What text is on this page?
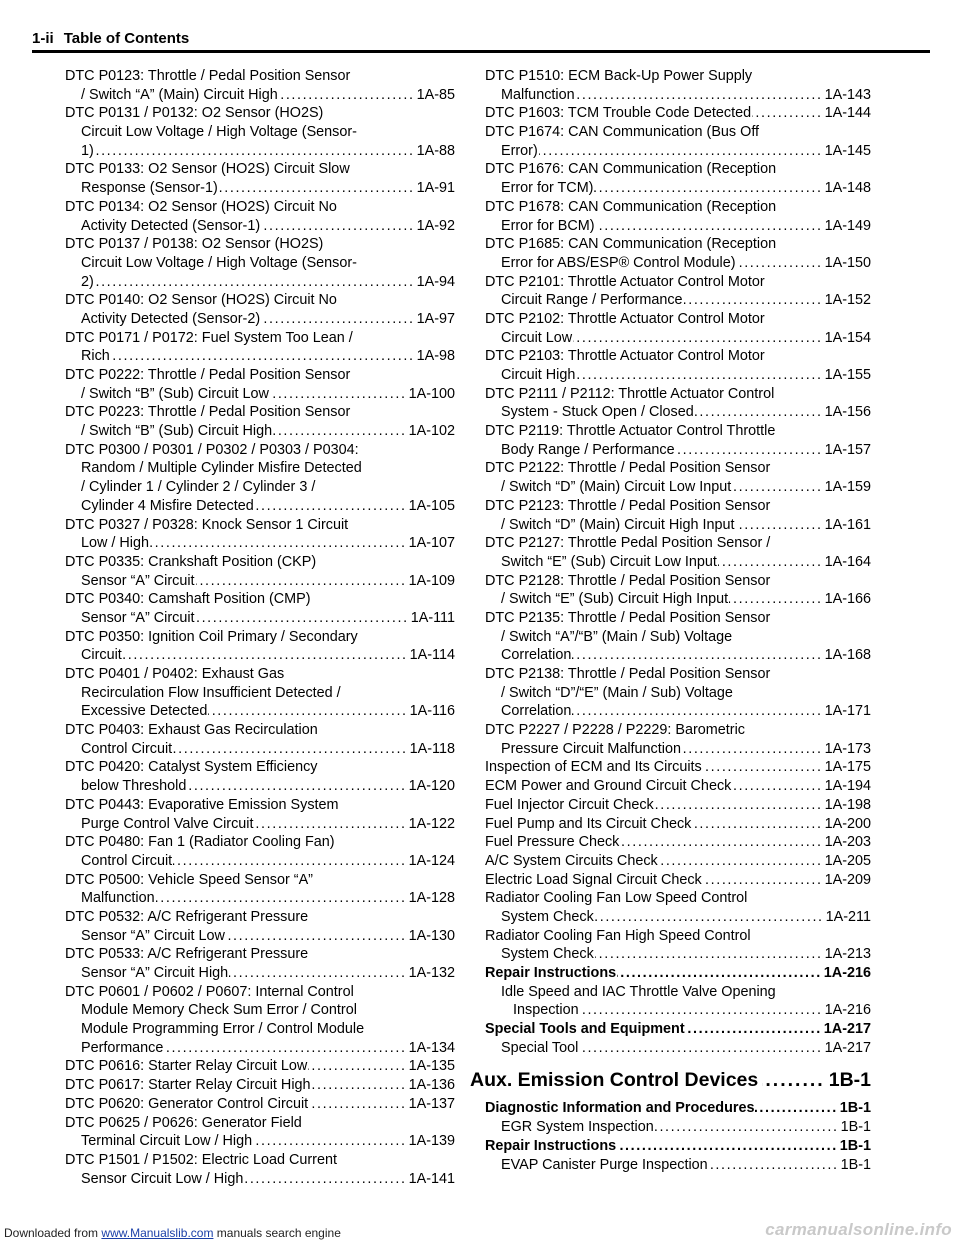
1-ii Table of Contents
DTC P0123: Throttle / Pedal Position Sensor
/ Switch “A” (Main) Circuit High .....	1A-85
DTC P0131 / P0132: O2 Sensor (HO2S)
Circuit Low Voltage / High Voltage (Sensor-
1) .....	1A-88
DTC P0133: O2 Sensor (HO2S) Circuit Slow
Response (Sensor-1) .....	1A-91
DTC P0134: O2 Sensor (HO2S) Circuit No
Activity Detected (Sensor-1) .....	1A-92
DTC P0137 / P0138: O2 Sensor (HO2S)
Circuit Low Voltage / High Voltage (Sensor-
2) .....	1A-94
DTC P0140: O2 Sensor (HO2S) Circuit No
Activity Detected (Sensor-2) .....	1A-97
DTC P0171 / P0172: Fuel System Too Lean /
Rich .....	1A-98
DTC P0222: Throttle / Pedal Position Sensor
/ Switch “B” (Sub) Circuit Low .....	1A-100
DTC P0223: Throttle / Pedal Position Sensor
/ Switch “B” (Sub) Circuit High .....	1A-102
DTC P0300 / P0301 / P0302 / P0303 / P0304:
Random / Multiple Cylinder Misfire Detected
/ Cylinder 1 / Cylinder 2 / Cylinder 3 /
Cylinder 4 Misfire Detected .....	1A-105
DTC P0327 / P0328: Knock Sensor 1 Circuit
Low / High .....	1A-107
DTC P0335: Crankshaft Position (CKP)
Sensor “A” Circuit .....	1A-109
DTC P0340: Camshaft Position (CMP)
Sensor “A” Circuit .....	1A-111
DTC P0350: Ignition Coil Primary / Secondary
Circuit .....	1A-114
DTC P0401 / P0402: Exhaust Gas
Recirculation Flow Insufficient Detected /
Excessive Detected .....	1A-116
DTC P0403: Exhaust Gas Recirculation
Control Circuit .....	1A-118
DTC P0420: Catalyst System Efficiency
below Threshold .....	1A-120
DTC P0443: Evaporative Emission System
Purge Control Valve Circuit .....	1A-122
DTC P0480: Fan 1 (Radiator Cooling Fan)
Control Circuit .....	1A-124
DTC P0500: Vehicle Speed Sensor “A”
Malfunction .....	1A-128
DTC P0532: A/C Refrigerant Pressure
Sensor “A” Circuit Low .....	1A-130
DTC P0533: A/C Refrigerant Pressure
Sensor “A” Circuit High .....	1A-132
DTC P0601 / P0602 / P0607: Internal Control
Module Memory Check Sum Error / Control
Module Programming Error / Control Module
Performance .....	1A-134
DTC P0616: Starter Relay Circuit Low .....	1A-135
DTC P0617: Starter Relay Circuit High .....	1A-136
DTC P0620: Generator Control Circuit .....	1A-137
DTC P0625 / P0626: Generator Field
Terminal Circuit Low / High .....	1A-139
DTC P1501 / P1502: Electric Load Current
Sensor Circuit Low / High .....	1A-141
DTC P1510: ECM Back-Up Power Supply
Malfunction .....	1A-143
DTC P1603: TCM Trouble Code Detected .....	1A-144
DTC P1674: CAN Communication (Bus Off
Error) .....	1A-145
DTC P1676: CAN Communication (Reception
Error for TCM) .....	1A-148
DTC P1678: CAN Communication (Reception
Error for BCM) .....	1A-149
DTC P1685: CAN Communication (Reception
Error for ABS/ESP® Control Module) .....	1A-150
DTC P2101: Throttle Actuator Control Motor
Circuit Range / Performance .....	1A-152
DTC P2102: Throttle Actuator Control Motor
Circuit Low .....	1A-154
DTC P2103: Throttle Actuator Control Motor
Circuit High .....	1A-155
DTC P2111 / P2112: Throttle Actuator Control
System - Stuck Open / Closed .....	1A-156
DTC P2119: Throttle Actuator Control Throttle
Body Range / Performance .....	1A-157
DTC P2122: Throttle / Pedal Position Sensor
/ Switch “D” (Main) Circuit Low Input .....	1A-159
DTC P2123: Throttle / Pedal Position Sensor
/ Switch “D” (Main) Circuit High Input .....	1A-161
DTC P2127: Throttle Pedal Position Sensor /
Switch “E” (Sub) Circuit Low Input .....	1A-164
DTC P2128: Throttle / Pedal Position Sensor
/ Switch “E” (Sub) Circuit High Input .....	1A-166
DTC P2135: Throttle / Pedal Position Sensor
/ Switch “A”/“B” (Main / Sub) Voltage
Correlation .....	1A-168
DTC P2138: Throttle / Pedal Position Sensor
/ Switch “D”/“E” (Main / Sub) Voltage
Correlation .....	1A-171
DTC P2227 / P2228 / P2229: Barometric
Pressure Circuit Malfunction .....	1A-173
Inspection of ECM and Its Circuits .....	1A-175
ECM Power and Ground Circuit Check .....	1A-194
Fuel Injector Circuit Check .....	1A-198
Fuel Pump and Its Circuit Check .....	1A-200
Fuel Pressure Check .....	1A-203
A/C System Circuits Check .....	1A-205
Electric Load Signal Circuit Check .....	1A-209
Radiator Cooling Fan Low Speed Control
System Check .....	1A-211
Radiator Cooling Fan High Speed Control
System Check .....	1A-213
Repair Instructions .....	1A-216
Idle Speed and IAC Throttle Valve Opening
Inspection .....	1A-216
Special Tools and Equipment .....	1A-217
Special Tool .....	1A-217
Aux. Emission Control Devices .....	1B-1
Diagnostic Information and Procedures .....	1B-1
EGR System Inspection .....	1B-1
Repair Instructions .....	1B-1
EVAP Canister Purge Inspection .....	1B-1
Downloaded from www.Manualslib.com manuals search engine	carmanualsonline.info
